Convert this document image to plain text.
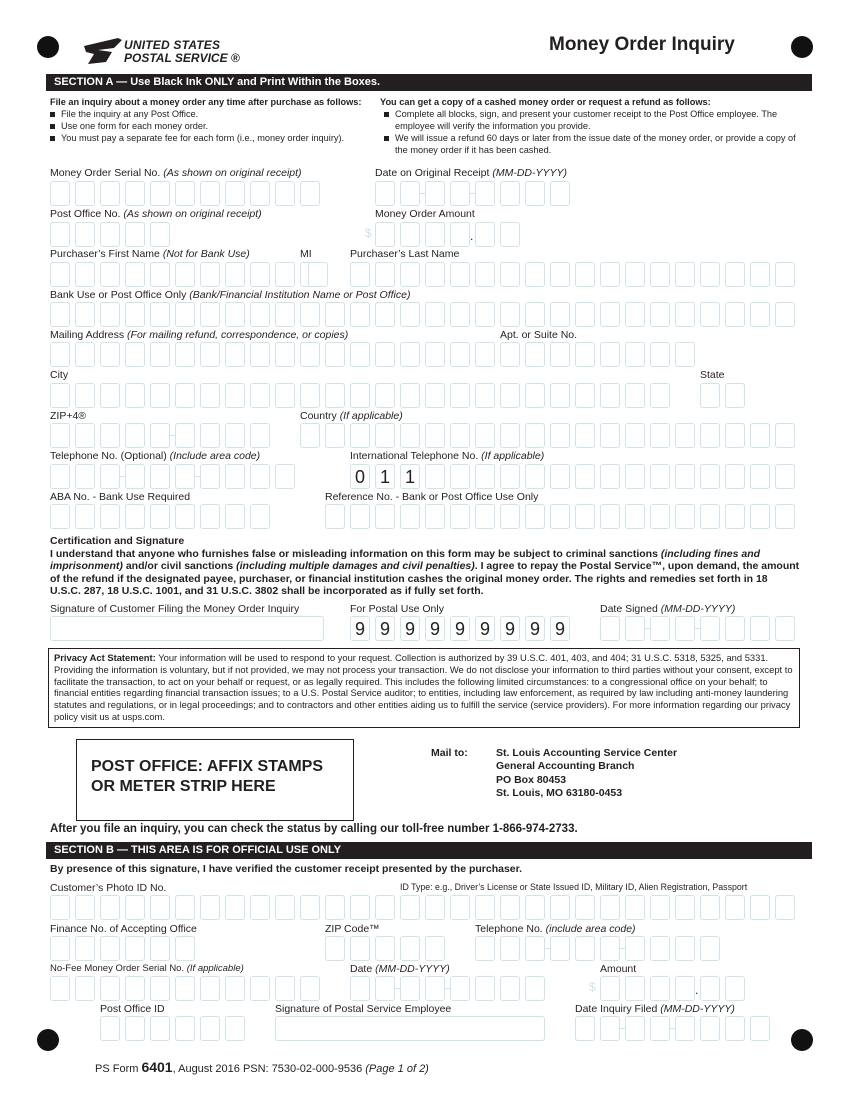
UNITED STATES
POSTAL SERVICE ®
Money Order Inquiry
SECTION A — Use Black Ink ONLY and Print Within the Boxes.
File an inquiry about a money order any time after purchase as follows:
File the inquiry at any Post Office.
Use one form for each money order.
You must pay a separate fee for each form (i.e., money order inquiry).
You can get a copy of a cashed money order or request a refund as follows:
Complete all blocks, sign, and present your customer receipt to the Post Office employee. The employee will verify the information you provide.
We will issue a refund 60 days or later from the issue date of the money order, or provide a copy of the money order if it has been cashed.
Money Order Serial No. (As shown on original receipt)	Date on Original Receipt (MM-DD-YYYY)
Post Office No. (As shown on original receipt)	Money Order Amount
$	.
Purchaser’s First Name (Not for Bank Use)	MI	Purchaser’s Last Name
Bank Use or Post Office Only (Bank/Financial Institution Name or Post Office)
Mailing Address (For mailing refund, correspondence, or copies)	Apt. or Suite No.
City	State
ZIP+4®	Country (If applicable)
Telephone No. (Optional) (Include area code)	International Telephone No. (If applicable)
0 1 1
ABA No. - Bank Use Required	Reference No. - Bank or Post Office Use Only
Certification and Signature
I understand that anyone who furnishes false or misleading information on this form may be subject to criminal sanctions (including fines and imprisonment) and/or civil sanctions (including multiple damages and civil penalties). I agree to repay the Postal Service™, upon demand, the amount of the refund if the designated payee, purchaser, or financial institution cashes the original money order. The rights and remedies set forth in 18 U.S.C. 287, 18 U.S.C. 1001, and 31 U.S.C. 3802 shall be incorporated as if fully set forth.
Signature of Customer Filing the Money Order Inquiry	For Postal Use Only
9 9 9 9 9 9 9 9 9
Date Signed (MM-DD-YYYY)
Privacy Act Statement: Your information will be used to respond to your request. Collection is authorized by 39 U.S.C. 401, 403, and 404; 31 U.S.C. 5318, 5325, and 5331. Providing the information is voluntary, but if not provided, we may not process your transaction. We do not disclose your information to third parties without your consent, except to facilitate the transaction, to act on your behalf or request, or as legally required. This includes the following limited circumstances: to a congressional office on your behalf; to financial entities regarding financial transaction issues; to a U.S. Postal Service auditor; to entities, including law enforcement, as required by law including anti-money laundering statutes and regulations, or in legal proceedings; and to contractors and other entities aiding us to fulfill the service (service providers). For more information regarding our privacy policy visit us at usps.com.
POST OFFICE: AFFIX STAMPS
OR METER STRIP HERE
Mail to:	St. Louis Accounting Service Center
General Accounting Branch
PO Box 80453
St. Louis, MO 63180-0453
After you file an inquiry, you can check the status by calling our toll-free number 1-866-974-2733.
SECTION B — THIS AREA IS FOR OFFICIAL USE ONLY
By presence of this signature, I have verified the customer receipt presented by the purchaser.
Customer’s Photo ID No.	ID Type: e.g., Driver’s License or State Issued ID, Military ID, Alien Registration, Passport
Finance No. of Accepting Office	ZIP Code™	Telephone No. (include area code)
No-Fee Money Order Serial No. (If applicable)	Date (MM-DD-YYYY)	Amount
$	.
Post Office ID	Signature of Postal Service Employee	Date Inquiry Filed (MM-DD-YYYY)
PS Form 6401, August 2016 PSN: 7530-02-000-9536 (Page 1 of 2)
